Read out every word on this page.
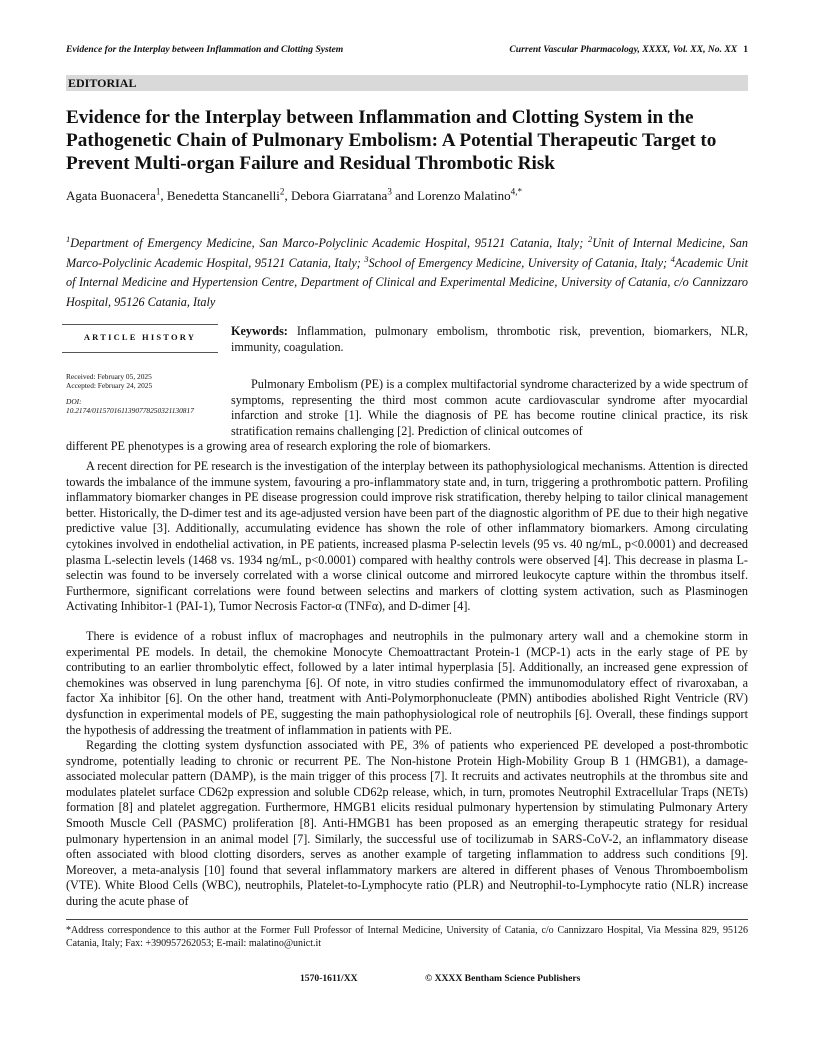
Evidence for the Interplay between Inflammation and Clotting System	Current Vascular Pharmacology, XXXX, Vol. XX, No. XX 1
EDITORIAL
Evidence for the Interplay between Inflammation and Clotting System in the Pathogenetic Chain of Pulmonary Embolism: A Potential Therapeutic Target to Prevent Multi-organ Failure and Residual Thrombotic Risk
Agata Buonacera$^1$, Benedetta Stancanelli$^2$, Debora Giarratana$^3$ and Lorenzo Malatino$^{4,*}$
$^1$Department of Emergency Medicine, San Marco-Polyclinic Academic Hospital, 95121 Catania, Italy; $^2$Unit of Internal Medicine, San Marco-Polyclinic Academic Hospital, 95121 Catania, Italy; $^3$School of Emergency Medicine, University of Catania, Italy; $^4$Academic Unit of Internal Medicine and Hypertension Centre, Department of Clinical and Experimental Medicine, University of Catania, c/o Cannizzaro Hospital, 95126 Catania, Italy
ARTICLE HISTORY
Received: February 05, 2025
Accepted: February 24, 2025
DOI:
10.2174/0115701611390778250321130817
Keywords: Inflammation, pulmonary embolism, thrombotic risk, prevention, biomarkers, NLR, immunity, coagulation.
Pulmonary Embolism (PE) is a complex multifactorial syndrome characterized by a wide spectrum of symptoms, representing the third most common acute cardiovascular syndrome after myocardial infarction and stroke [1]. While the diagnosis of PE has become routine clinical practice, its risk stratification remains challenging [2]. Prediction of clinical outcomes of
different PE phenotypes is a growing area of research exploring the role of biomarkers.
A recent direction for PE research is the investigation of the interplay between its pathophysiological mechanisms. Attention is directed towards the imbalance of the immune system, favouring a pro-inflammatory state and, in turn, triggering a prothrombotic pattern. Profiling inflammatory biomarker changes in PE disease progression could improve risk stratification, thereby helping to tailor clinical management better. Historically, the D-dimer test and its age-adjusted version have been part of the diagnostic algorithm of PE due to their high negative predictive value [3]. Additionally, accumulating evidence has shown the role of other inflammatory biomarkers. Among circulating cytokines involved in endothelial activation, in PE patients, increased plasma P-selectin levels (95 vs. 40 ng/mL, p<0.0001) and decreased plasma L-selectin levels (1468 vs. 1934 ng/mL, p<0.0001) compared with healthy controls were observed [4]. This decrease in plasma L-selectin was found to be inversely correlated with a worse clinical outcome and mirrored leukocyte capture within the thrombus itself. Furthermore, significant correlations were found between selectins and markers of clotting system activation, such as Plasminogen Activating Inhibitor-1 (PAI-1), Tumor Necrosis Factor-α (TNFα), and D-dimer [4].
There is evidence of a robust influx of macrophages and neutrophils in the pulmonary artery wall and a chemokine storm in experimental PE models. In detail, the chemokine Monocyte Chemoattractant Protein-1 (MCP-1) acts in the early stage of PE by contributing to an earlier thrombolytic effect, followed by a later intimal hyperplasia [5]. Additionally, an increased gene expression of chemokines was observed in lung parenchyma [6]. Of note, in vitro studies confirmed the immunomodulatory effect of rivaroxaban, a factor Xa inhibitor [6]. On the other hand, treatment with Anti-Polymorphonucleate (PMN) antibodies abolished Right Ventricle (RV) dysfunction in experimental models of PE, suggesting the main pathophysiological role of neutrophils [6]. Overall, these findings support the hypothesis of addressing the treatment of inflammation in patients with PE.
Regarding the clotting system dysfunction associated with PE, 3% of patients who experienced PE developed a post-thrombotic syndrome, potentially leading to chronic or recurrent PE. The Non-histone Protein High-Mobility Group B 1 (HMGB1), a damage-associated molecular pattern (DAMP), is the main trigger of this process [7]. It recruits and activates neutrophils at the thrombus site and modulates platelet surface CD62p expression and soluble CD62p release, which, in turn, promotes Neutrophil Extracellular Traps (NETs) formation [8] and platelet aggregation. Furthermore, HMGB1 elicits residual pulmonary hypertension by stimulating Pulmonary Artery Smooth Muscle Cell (PASMC) proliferation [8]. Anti-HMGB1 has been proposed as an emerging therapeutic strategy for residual pulmonary hypertension in an animal model [7]. Similarly, the successful use of tocilizumab in SARS-CoV-2, an inflammatory disease often associated with blood clotting disorders, serves as another example of targeting inflammation to address such conditions [9]. Moreover, a meta-analysis [10] found that several inflammatory markers are altered in different phases of Venous Thromboembolism (VTE). White Blood Cells (WBC), neutrophils, Platelet-to-Lymphocyte ratio (PLR) and Neutrophil-to-Lymphocyte ratio (NLR) increase during the acute phase of
*Address correspondence to this author at the Former Full Professor of Internal Medicine, University of Catania, c/o Cannizzaro Hospital, Via Messina 829, 95126 Catania, Italy; Fax: +390957262053; E-mail: malatino@unict.it
1570-1611/XX	© XXXX Bentham Science Publishers
